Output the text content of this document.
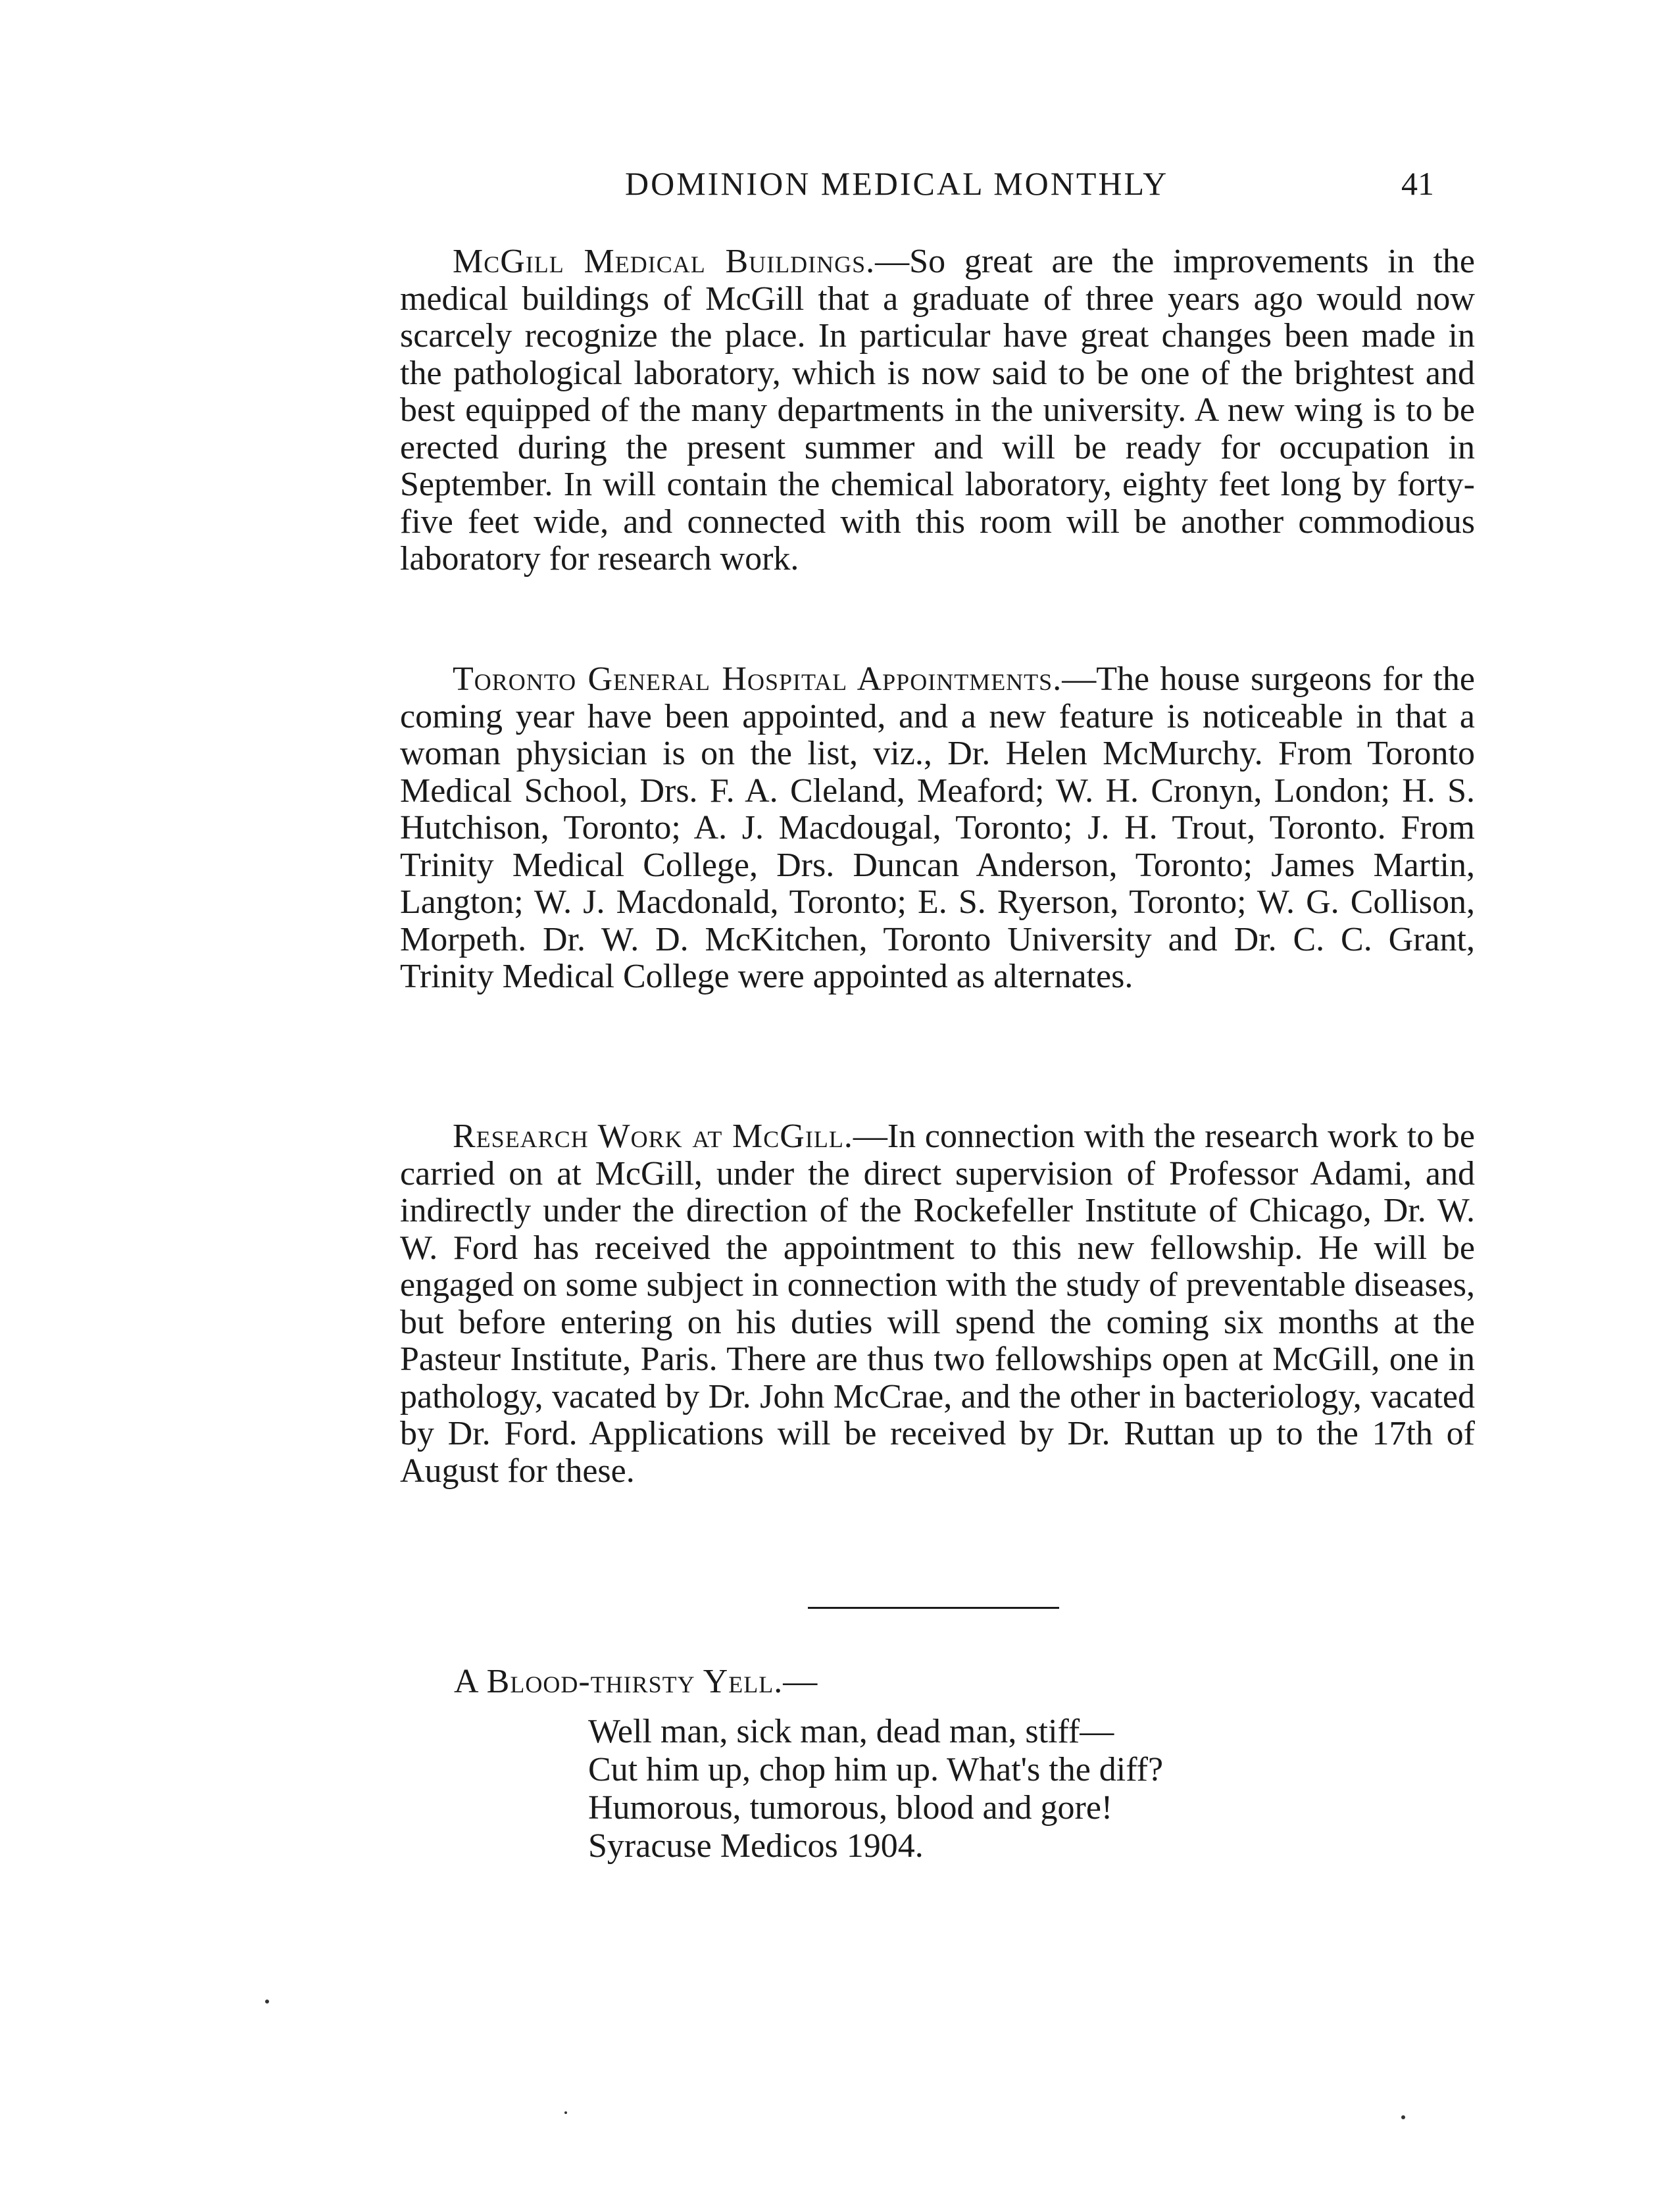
DOMINION MEDICAL MONTHLY	41

McGill Medical Buildings.—So great are the improvements in the medical buildings of McGill that a graduate of three years ago would now scarcely recognize the place. In particular have great changes been made in the pathological laboratory, which is now said to be one of the brightest and best equipped of the many departments in the university. A new wing is to be erected during the present summer and will be ready for occupation in September. In will contain the chemical laboratory, eighty feet long by forty-five feet wide, and connected with this room will be another commodious laboratory for research work.

Toronto General Hospital Appointments.—The house surgeons for the coming year have been appointed, and a new feature is noticeable in that a woman physician is on the list, viz., Dr. Helen McMurchy. From Toronto Medical School, Drs. F. A. Cleland, Meaford; W. H. Cronyn, London; H. S. Hutchison, Toronto; A. J. Macdougal, Toronto; J. H. Trout, Toronto. From Trinity Medical College, Drs. Duncan Anderson, Toronto; James Martin, Langton; W. J. Macdonald, Toronto; E. S. Ryerson, Toronto; W. G. Collison, Morpeth. Dr. W. D. McKitchen, Toronto University and Dr. C. C. Grant, Trinity Medical College were appointed as alternates.

Research Work at McGill.—In connection with the research work to be carried on at McGill, under the direct supervision of Professor Adami, and indirectly under the direction of the Rockefeller Institute of Chicago, Dr. W. W. Ford has received the appointment to this new fellowship. He will be engaged on some subject in connection with the study of preventable diseases, but before entering on his duties will spend the coming six months at the Pasteur Institute, Paris. There are thus two fellowships open at McGill, one in pathology, vacated by Dr. John McCrae, and the other in bacteriology, vacated by Dr. Ford. Applications will be received by Dr. Ruttan up to the 17th of August for these.

A Blood-thirsty Yell.—
Well man, sick man, dead man, stiff—
Cut him up, chop him up. What's the diff?
Humorous, tumorous, blood and gore!
Syracuse Medicos 1904.
